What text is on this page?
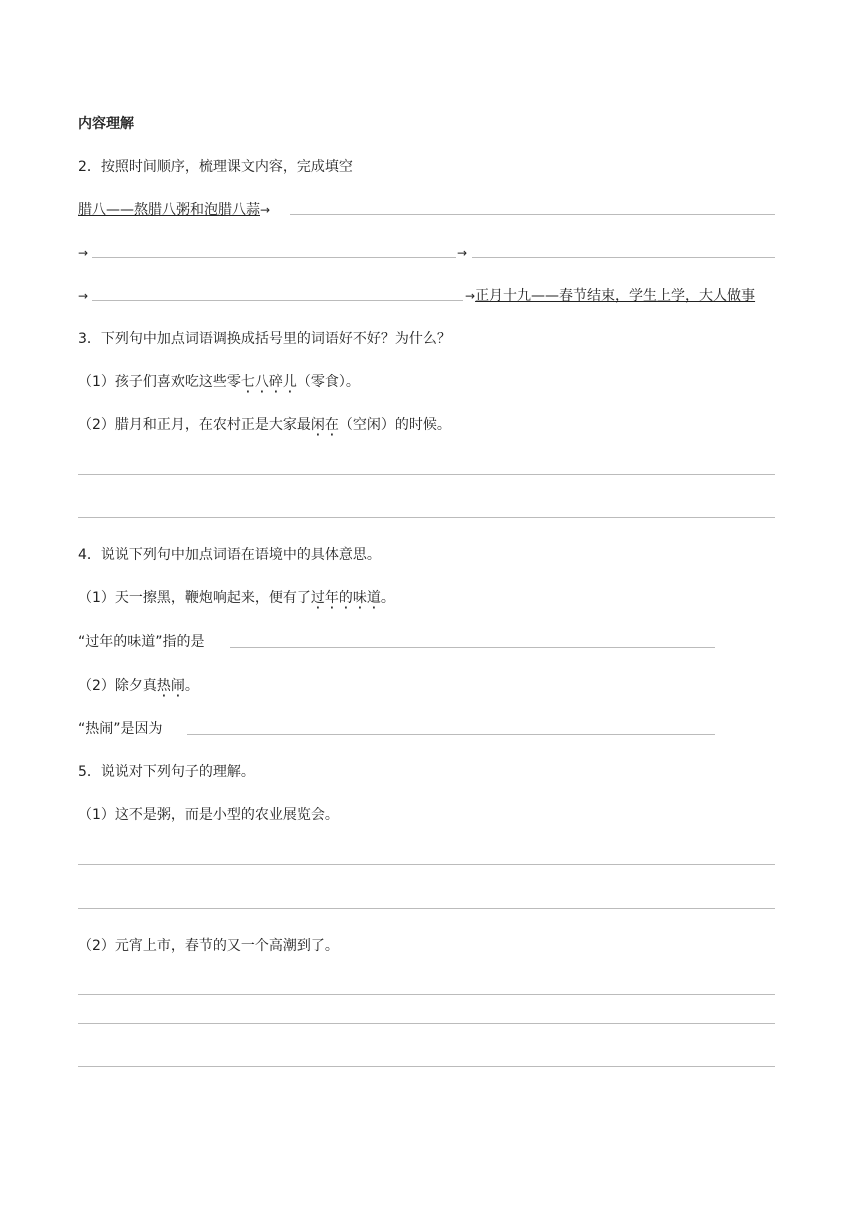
内容理解
2．按照时间顺序，梳理课文内容，完成填空
腊八——熬腊八粥和泡腊八蒜→
→	→
→	→正月十九——春节结束，学生上学，大人做事
3．下列句中加点词语调换成括号里的词语好不好？为什么？
（1）孩子们喜欢吃这些零七八碎儿（零食）。
（2）腊月和正月，在农村正是大家最闲在（空闲）的时候。
4．说说下列句中加点词语在语境中的具体意思。
（1）天一擦黑，鞭炮响起来，便有了过年的味道。
“过年的味道”指的是
（2）除夕真热闹。
“热闹”是因为
5．说说对下列句子的理解。
（1）这不是粥，而是小型的农业展览会。
（2）元宵上市，春节的又一个高潮到了。
